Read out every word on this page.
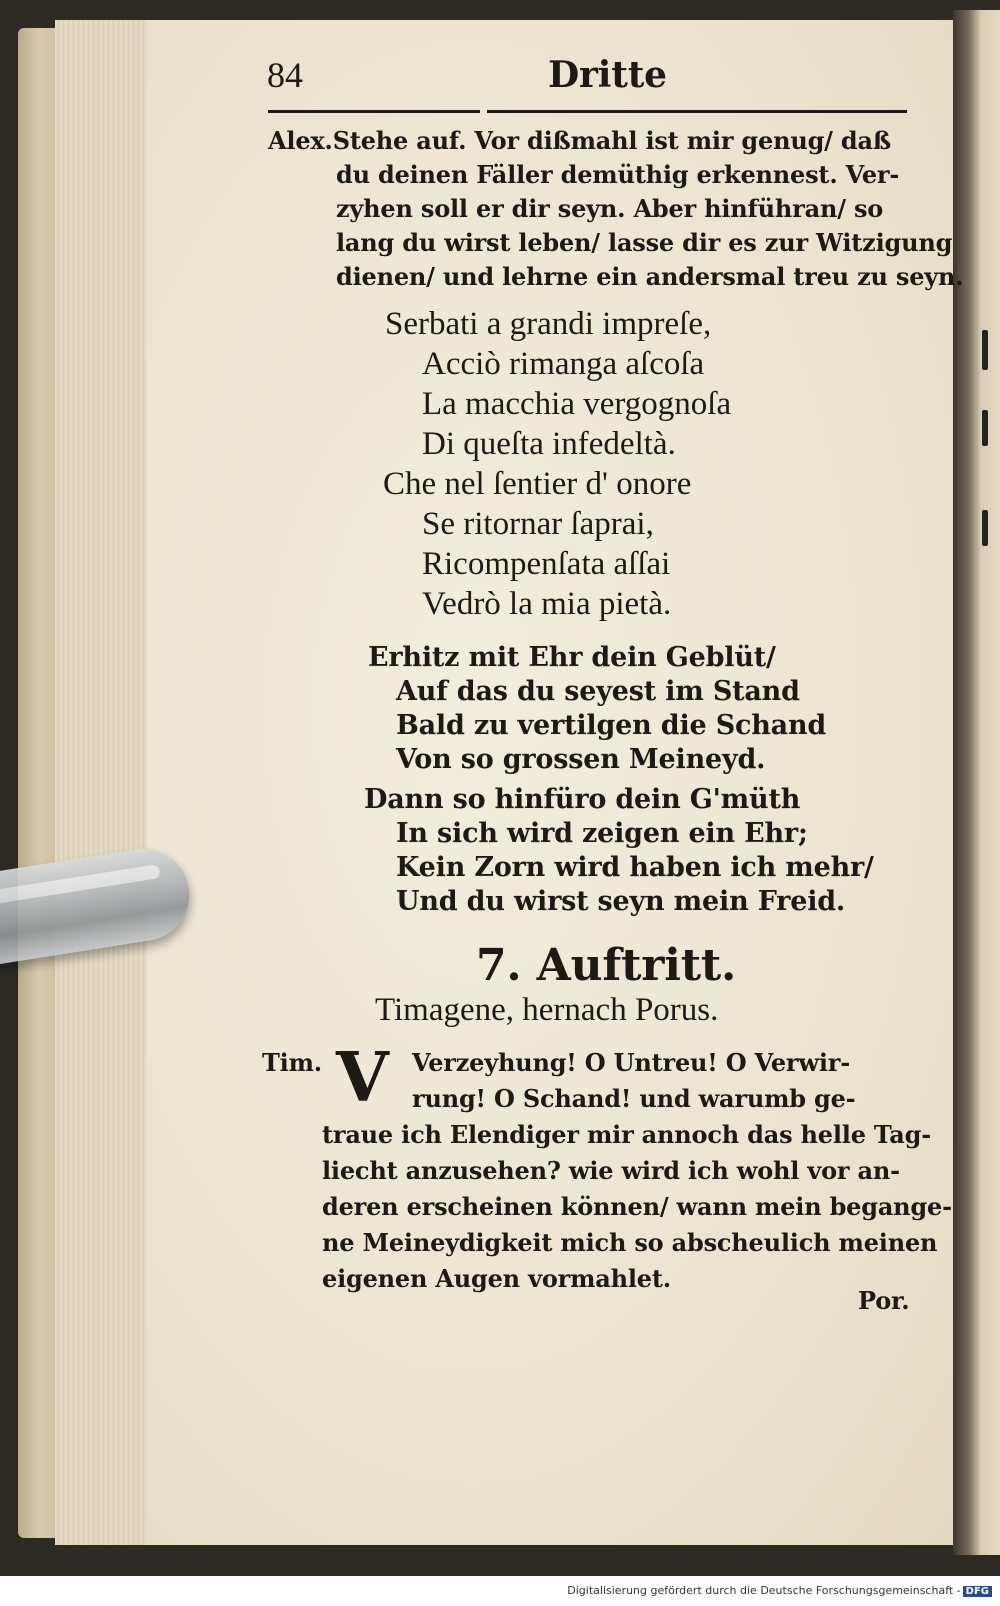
84	Dritte
Alex.Stehe auf. Vor dißmahl ist mir genug/ daß
du deinen Fäller demüthig erkennest. Ver-
zyhen soll er dir seyn. Aber hinführan/ so
lang du wirst leben/ lasse dir es zur Witzigung
dienen/ und lehrne ein andersmal treu zu seyn.
Serbati a grandi impreſe,
Acciò rimanga aſcoſa
La macchia vergognoſa
Di queſta infedeltà.
Che nel ſentier d' onore
Se ritornar ſaprai,
Ricompenſata aſſai
Vedrò la mia pietà.
Erhitz mit Ehr dein Geblüt/
Auf das du seyest im Stand
Bald zu vertilgen die Schand
Von so grossen Meineyd.
Dann so hinfüro dein G'müth
In sich wird zeigen ein Ehr;
Kein Zorn wird haben ich mehr/
Und du wirst seyn mein Freid.
7. Auftritt.
Timagene, hernach Porus.
Tim. V Verzeyhung! O Untreu! O Verwir-
rung! O Schand! und warumb ge-
traue ich Elendiger mir annoch das helle Tag-
liecht anzusehen? wie wird ich wohl vor an-
deren erscheinen können/ wann mein begange-
ne Meineydigkeit mich so abscheulich meinen
eigenen Augen vormahlet.
Por.
Digitalisierung gefördert durch die Deutsche Forschungsgemeinschaft - DFG
